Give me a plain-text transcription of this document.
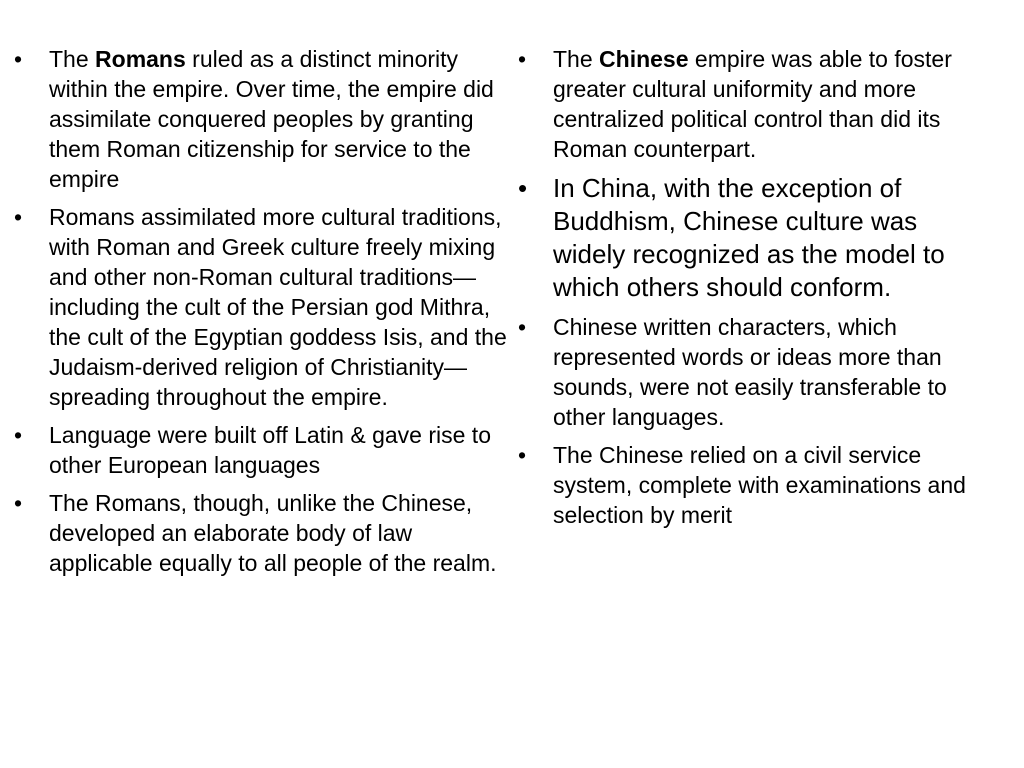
•	The Romans ruled as a distinct minority within the empire. Over time, the empire did assimilate conquered peoples by granting them Roman citizenship for service to the empire
•	Romans assimilated more cultural traditions, with Roman and Greek culture freely mixing and other non-Roman cultural traditions—including the cult of the Persian god Mithra, the cult of the Egyptian goddess Isis, and the Judaism-derived religion of Christianity—spreading throughout the empire.
•	Language were built off Latin & gave rise to other European languages
•	The Romans, though, unlike the Chinese, developed an elaborate body of law applicable equally to all people of the realm.
•	The Chinese empire was able to foster greater cultural uniformity and more centralized political control than did its Roman counterpart.
• In China, with the exception of Buddhism, Chinese culture was widely recognized as the model to which others should conform.
•	Chinese written characters, which represented words or ideas more than sounds, were not easily transferable to other languages.
•	The Chinese relied on a civil service system, complete with examinations and selection by merit
